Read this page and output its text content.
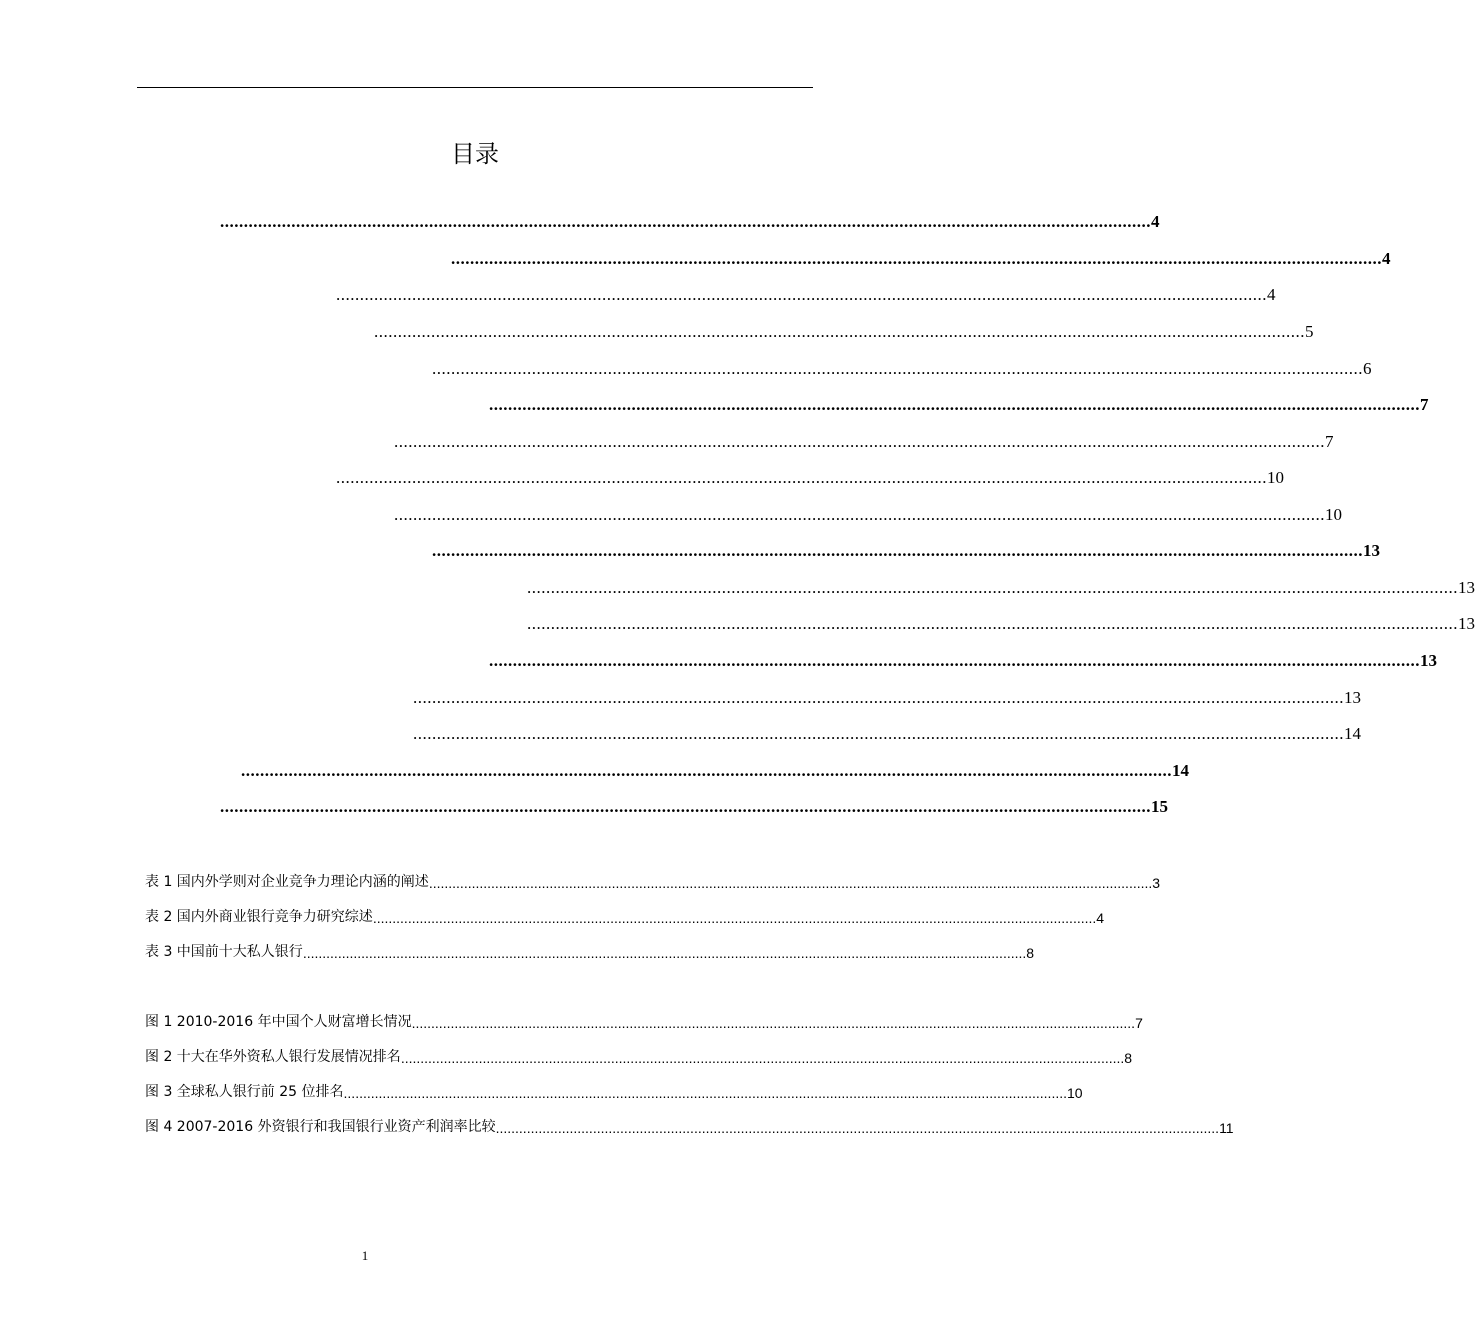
目录
.................................................................................................................................................................................................... 4
.................................................................................................................................................................................................... 4
.................................................................................................................................................................................................... 4
.................................................................................................................................................................................................... 5
.................................................................................................................................................................................................... 6
.................................................................................................................................................................................................... 7
.................................................................................................................................................................................................... 7
.................................................................................................................................................................................................... 10
.................................................................................................................................................................................................... 10
.................................................................................................................................................................................................... 13
.................................................................................................................................................................................................... 13
.................................................................................................................................................................................................... 13
.................................................................................................................................................................................................... 13
.................................................................................................................................................................................................... 13
.................................................................................................................................................................................................... 14
.................................................................................................................................................................................................... 14
.................................................................................................................................................................................................... 15
表 1 国内外学则对企业竞争力理论内涵的阐述 .......................................................................................................................................................................................... 3
表 2 国内外商业银行竞争力研究综述 .......................................................................................................................................................................................... 4
表 3 中国前十大私人银行 .......................................................................................................................................................................................... 8
图 1 2010-2016 年中国个人财富增长情况 .......................................................................................................................................................................................... 7
图 2 十大在华外资私人银行发展情况排名 .......................................................................................................................................................................................... 8
图 3 全球私人银行前 25 位排名 .......................................................................................................................................................................................... 10
图 4 2007-2016 外资银行和我国银行业资产利润率比较 .......................................................................................................................................................................................... 11
1
